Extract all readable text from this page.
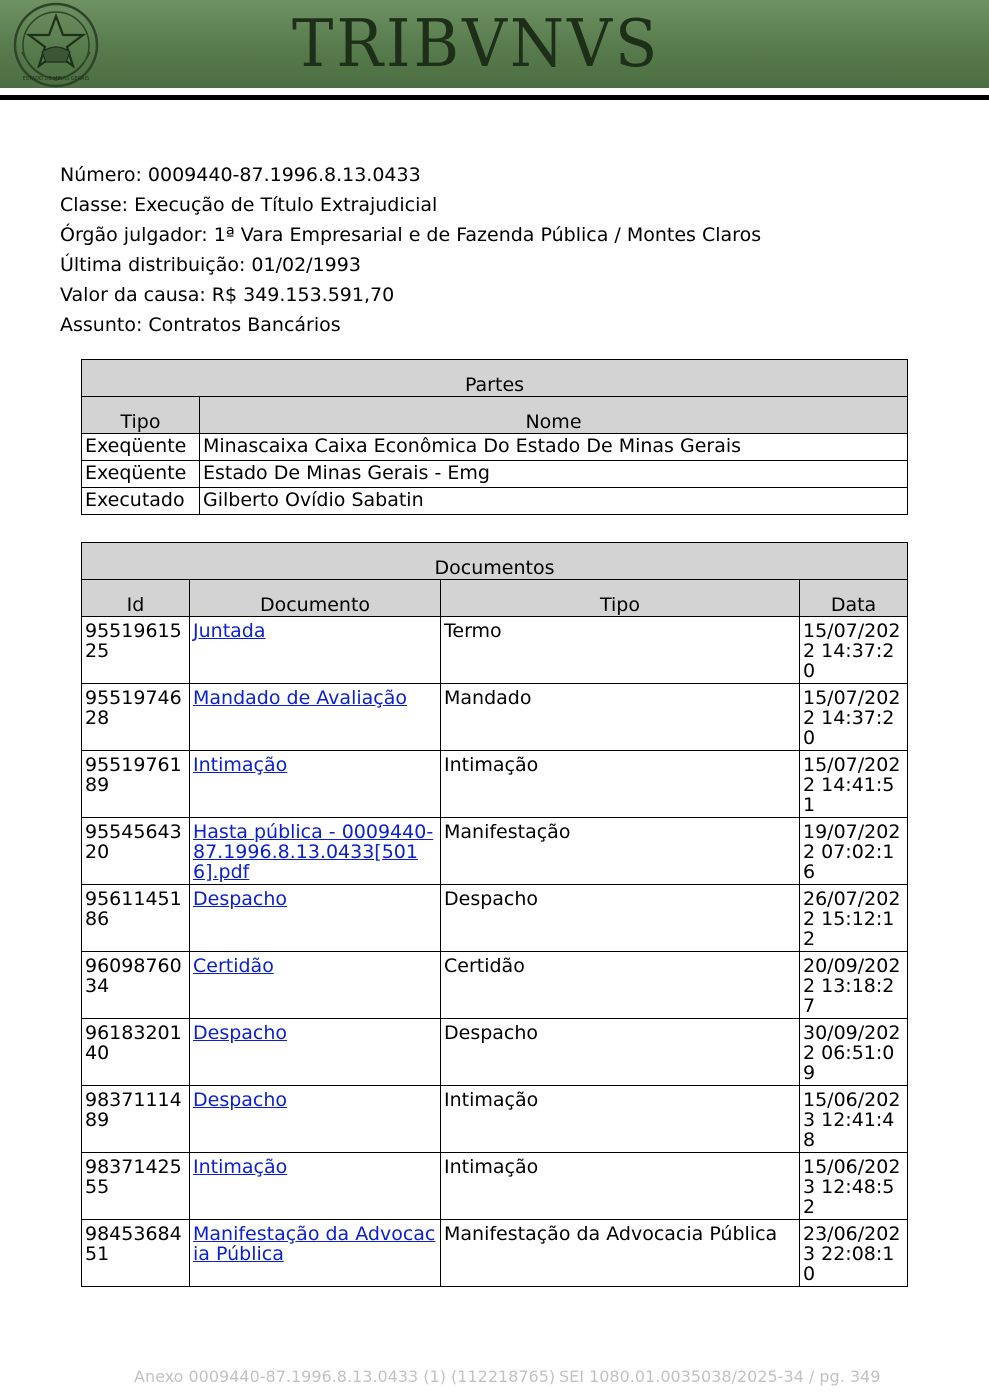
ESTADO DE MINAS GERAIS	TRIBVNVS
Número: 0009440-87.1996.8.13.0433
Classe: Execução de Título Extrajudicial
Órgão julgador: 1ª Vara Empresarial e de Fazenda Pública / Montes Claros
Última distribuição: 01/02/1993
Valor da causa: R$ 349.153.591,70
Assunto: Contratos Bancários
Partes	
Tipo	Nome
Exeqüente	Minascaixa Caixa Econômica Do Estado De Minas Gerais
Exeqüente	Estado De Minas Gerais - Emg
Executado	Gilberto Ovídio Sabatin
Documentos			
Id	Documento	Tipo	Data
9551961525	Juntada	Termo	15/07/2022 14:37:20
9551974628	Mandado de Avaliação	Mandado	15/07/2022 14:37:20
9551976189	Intimação	Intimação	15/07/2022 14:41:51
9554564320	Hasta pública - 0009440-87.1996.8.13.0433[5016].pdf	Manifestação	19/07/2022 07:02:16
9561145186	Despacho	Despacho	26/07/2022 15:12:12
9609876034	Certidão	Certidão	20/09/2022 13:18:27
9618320140	Despacho	Despacho	30/09/2022 06:51:09
9837111489	Despacho	Intimação	15/06/2023 12:41:48
9837142555	Intimação	Intimação	15/06/2023 12:48:52
9845368451	Manifestação da Advocacia Pública	Manifestação da Advocacia Pública	23/06/2023 22:08:10
Anexo 0009440-87.1996.8.13.0433 (1) (112218765) SEI 1080.01.0035038/2025-34 / pg. 349
